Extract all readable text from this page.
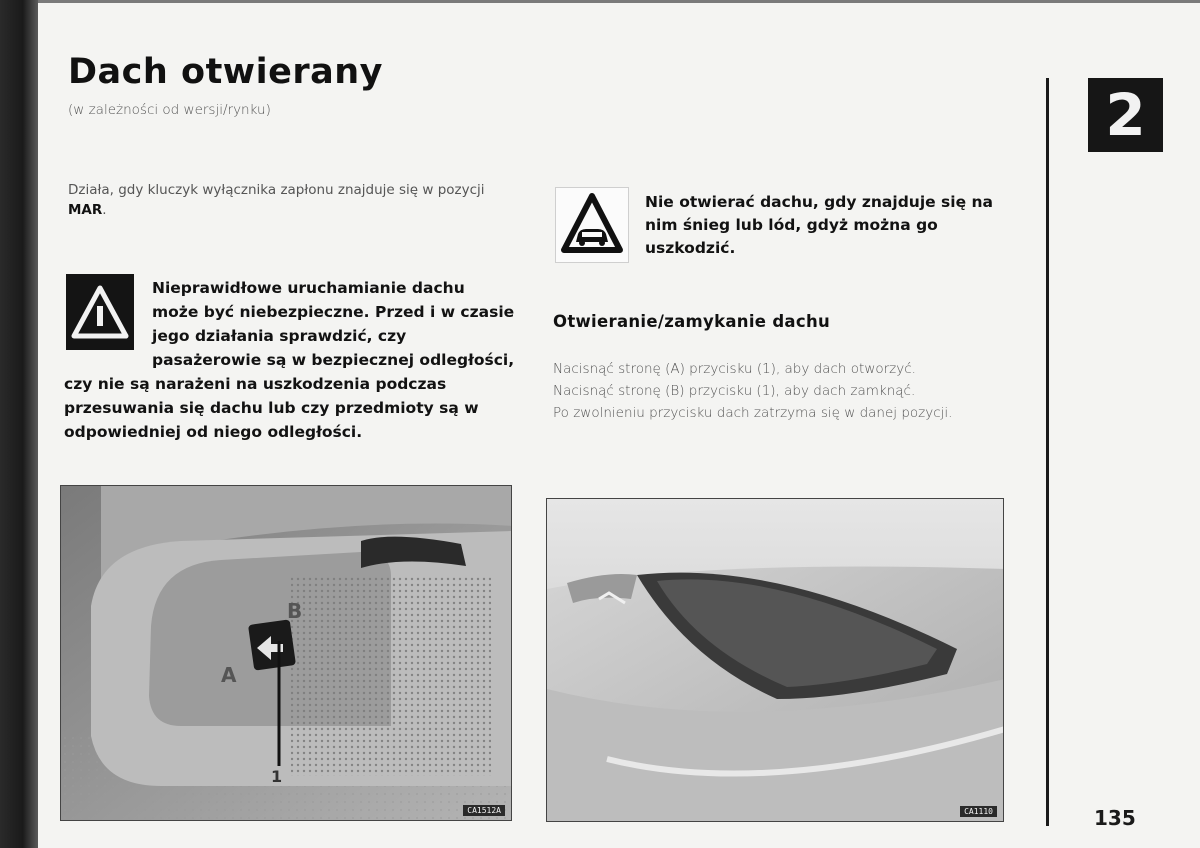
Dach otwierany
(w zależności od wersji/rynku)

Działa, gdy kluczyk wyłącznika zapłonu znajduje się w pozycji MAR.

Nieprawidłowe uruchamianie dachu może być niebezpieczne. Przed i w czasie jego działania sprawdzić, czy pasażerowie są w bezpiecznej odległości, czy nie są narażeni na uszkodzenia podczas przesuwania się dachu lub czy przedmioty są w odpowiedniej od niego odległości.
Nie otwierać dachu, gdy znajduje się na nim śnieg lub lód, gdyż można go uszkodzić.
Otwieranie/zamykanie dachu
Nacisnąć stronę (A) przycisku (1), aby dach otworzyć.
Nacisnąć stronę (B) przycisku (1), aby dach zamknąć.
Po zwolnieniu przycisku dach zatrzyma się w danej pozycji.
B
A
1
CA1512A	CA1110
2
135
